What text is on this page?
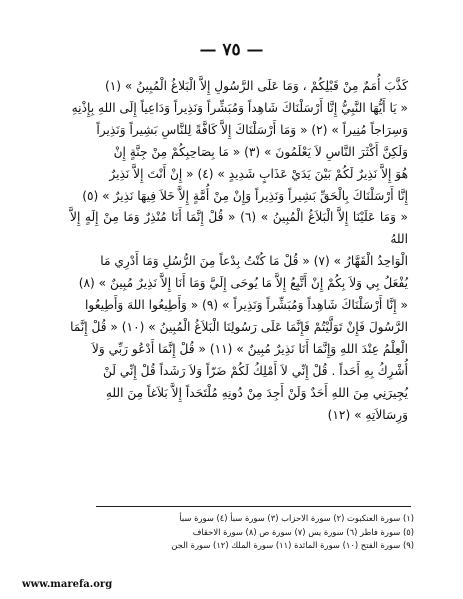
— ٧٥ —

كَذَّبَ أُمَمٌ مِنْ قَبْلِكُمْ ، وَمَا عَلَى الرَّسُولِ إِلاَّ الْبَلاغُ الْمُبِينُ » (١)

« يَا أَيُّهَا النَّبِيُّ إِنَّا أَرْسَلْنَاكَ شَاهِداً وَمُبَشِّراً وَنَذِيراً وَدَاعِياً إِلَى اللهِ بِإِذْنِهِ

وَسِرَاجاً مُنِيراً » (٢) « وَمَا أَرْسَلْنَاكَ إِلاَّ كَافَّةً لِلنَّاسِ بَشِيراً وَنَذِيراً

وَلَكِنَّ أَكْثَرَ النَّاسِ لاَ يَعْلَمُونَ » (٣) « مَا بِصَاحِبِكُمْ مِنْ جِنَّةٍ إِنْ

هُوَ إِلاَّ نَذِيرٌ لَكُمْ بَيْنَ يَدَيْ عَذَابٍ شَدِيدٍ » (٤) « إِنْ أَنْتَ إِلاَّ نَذِيرٌ

إِنَّا أَرْسَلْنَاكَ بِالْحَقِّ بَشِيراً وَنَذِيراً وَإِنْ مِنْ أُمَّةٍ إِلاَّ خَلاَ فِيهَا نَذِيرٌ » (٥)

« وَمَا عَلَيْنَا إِلاَّ الْبَلاَغُ الْمُبِينُ » (٦) « قُلْ إِنَّمَا أَنَا مُنْذِرٌ وَمَا مِنْ إِلَهٍ إِلاَّ اللهُ

الْوَاحِدُ الْقَهَّارُ » (٧) « قُلْ مَا كُنْتُ بِدْعاً مِنَ الرُّسُلِ وَمَا أَدْرِي مَا

يُفْعَلُ بِي وَلاَ بِكُمْ إِنْ أَتَّبِعُ إِلاَّ مَا يُوحَى إِلَيَّ وَمَا أَنَا إِلاَّ نَذِيرٌ مُبِينٌ » (٨)

« إِنَّا أَرْسَلْنَاكَ شَاهِداً وَمُبَشِّراً وَنَذِيراً » (٩) « وَأَطِيعُوا اللهَ وَأَطِيعُوا

الرَّسُولَ فَإِنْ تَوَلَّيْتُمْ فَإِنَّمَا عَلَى رَسُولِنَا الْبَلاَغُ الْمُبِينُ » (١٠) « قُلْ إِنَّمَا

الْعِلْمُ عِنْدَ اللهِ وَإِنَّمَا أَنَا نَذِيرٌ مُبِينٌ » (١١) « قُلْ إِنَّمَا أَدْعُو رَبِّي وَلاَ

أُشْرِكُ بِهِ أَحَداً . قُلْ إِنِّي لاَ أَمْلِكُ لَكُمْ ضَرّاً وَلاَ رَشَداً قُلْ إِنِّي لَنْ

يُجِيرَنِي مِنَ اللهِ أَحَدٌ وَلَنْ أَجِدَ مِنْ دُونِهِ مُلْتَحَداً إِلاَّ بَلاَغاً مِنَ اللهِ

وَرِسَالاَتِهِ » (١٢)

(١) سورة العنكبوت (٢) سورة الاحزاب (٣) سورة سبأ (٤) سورة سبأ

(٥) سورة فاطر (٦) سورة يس (٧) سورة ص (٨) سورة الاحقاف

(٩) سورة الفتح (١٠) سورة المائدة (١١) سورة الملك (١٢) سورة الجن

www.marefa.org
